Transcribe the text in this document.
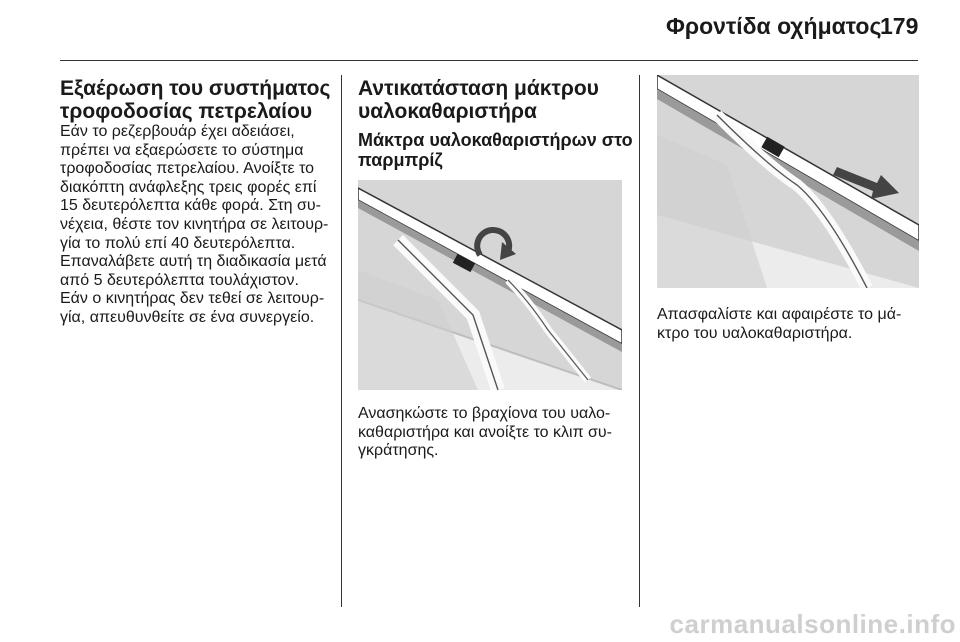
Φροντίδα οχήματος
179
Εξαέρωση του συστήματος
τροφοδοσίας πετρελαίου

Εάν το ρεζερβουάρ έχει αδειάσει,
πρέπει να εξαερώσετε το σύστημα
τροφοδοσίας πετρελαίου. Ανοίξτε το
διακόπτη ανάφλεξης τρεις φορές επί
15 δευτερόλεπτα κάθε φορά. Στη συ-
νέχεια, θέστε τον κινητήρα σε λειτουρ-
γία το πολύ επί 40 δευτερόλεπτα.
Επαναλάβετε αυτή τη διαδικασία μετά
από 5 δευτερόλεπτα τουλάχιστον.
Εάν ο κινητήρας δεν τεθεί σε λειτουρ-
γία, απευθυνθείτε σε ένα συνεργείο.

Αντικατάσταση μάκτρου
υαλοκαθαριστήρα
Μάκτρα υαλοκαθαριστήρων στο
παρμπρίζ

Ανασηκώστε το βραχίονα του υαλο-
καθαριστήρα και ανοίξτε το κλιπ συ-
γκράτησης.

Απασφαλίστε και αφαιρέστε το μά-
κτρο του υαλοκαθαριστήρα.

carmanualsonline.info
